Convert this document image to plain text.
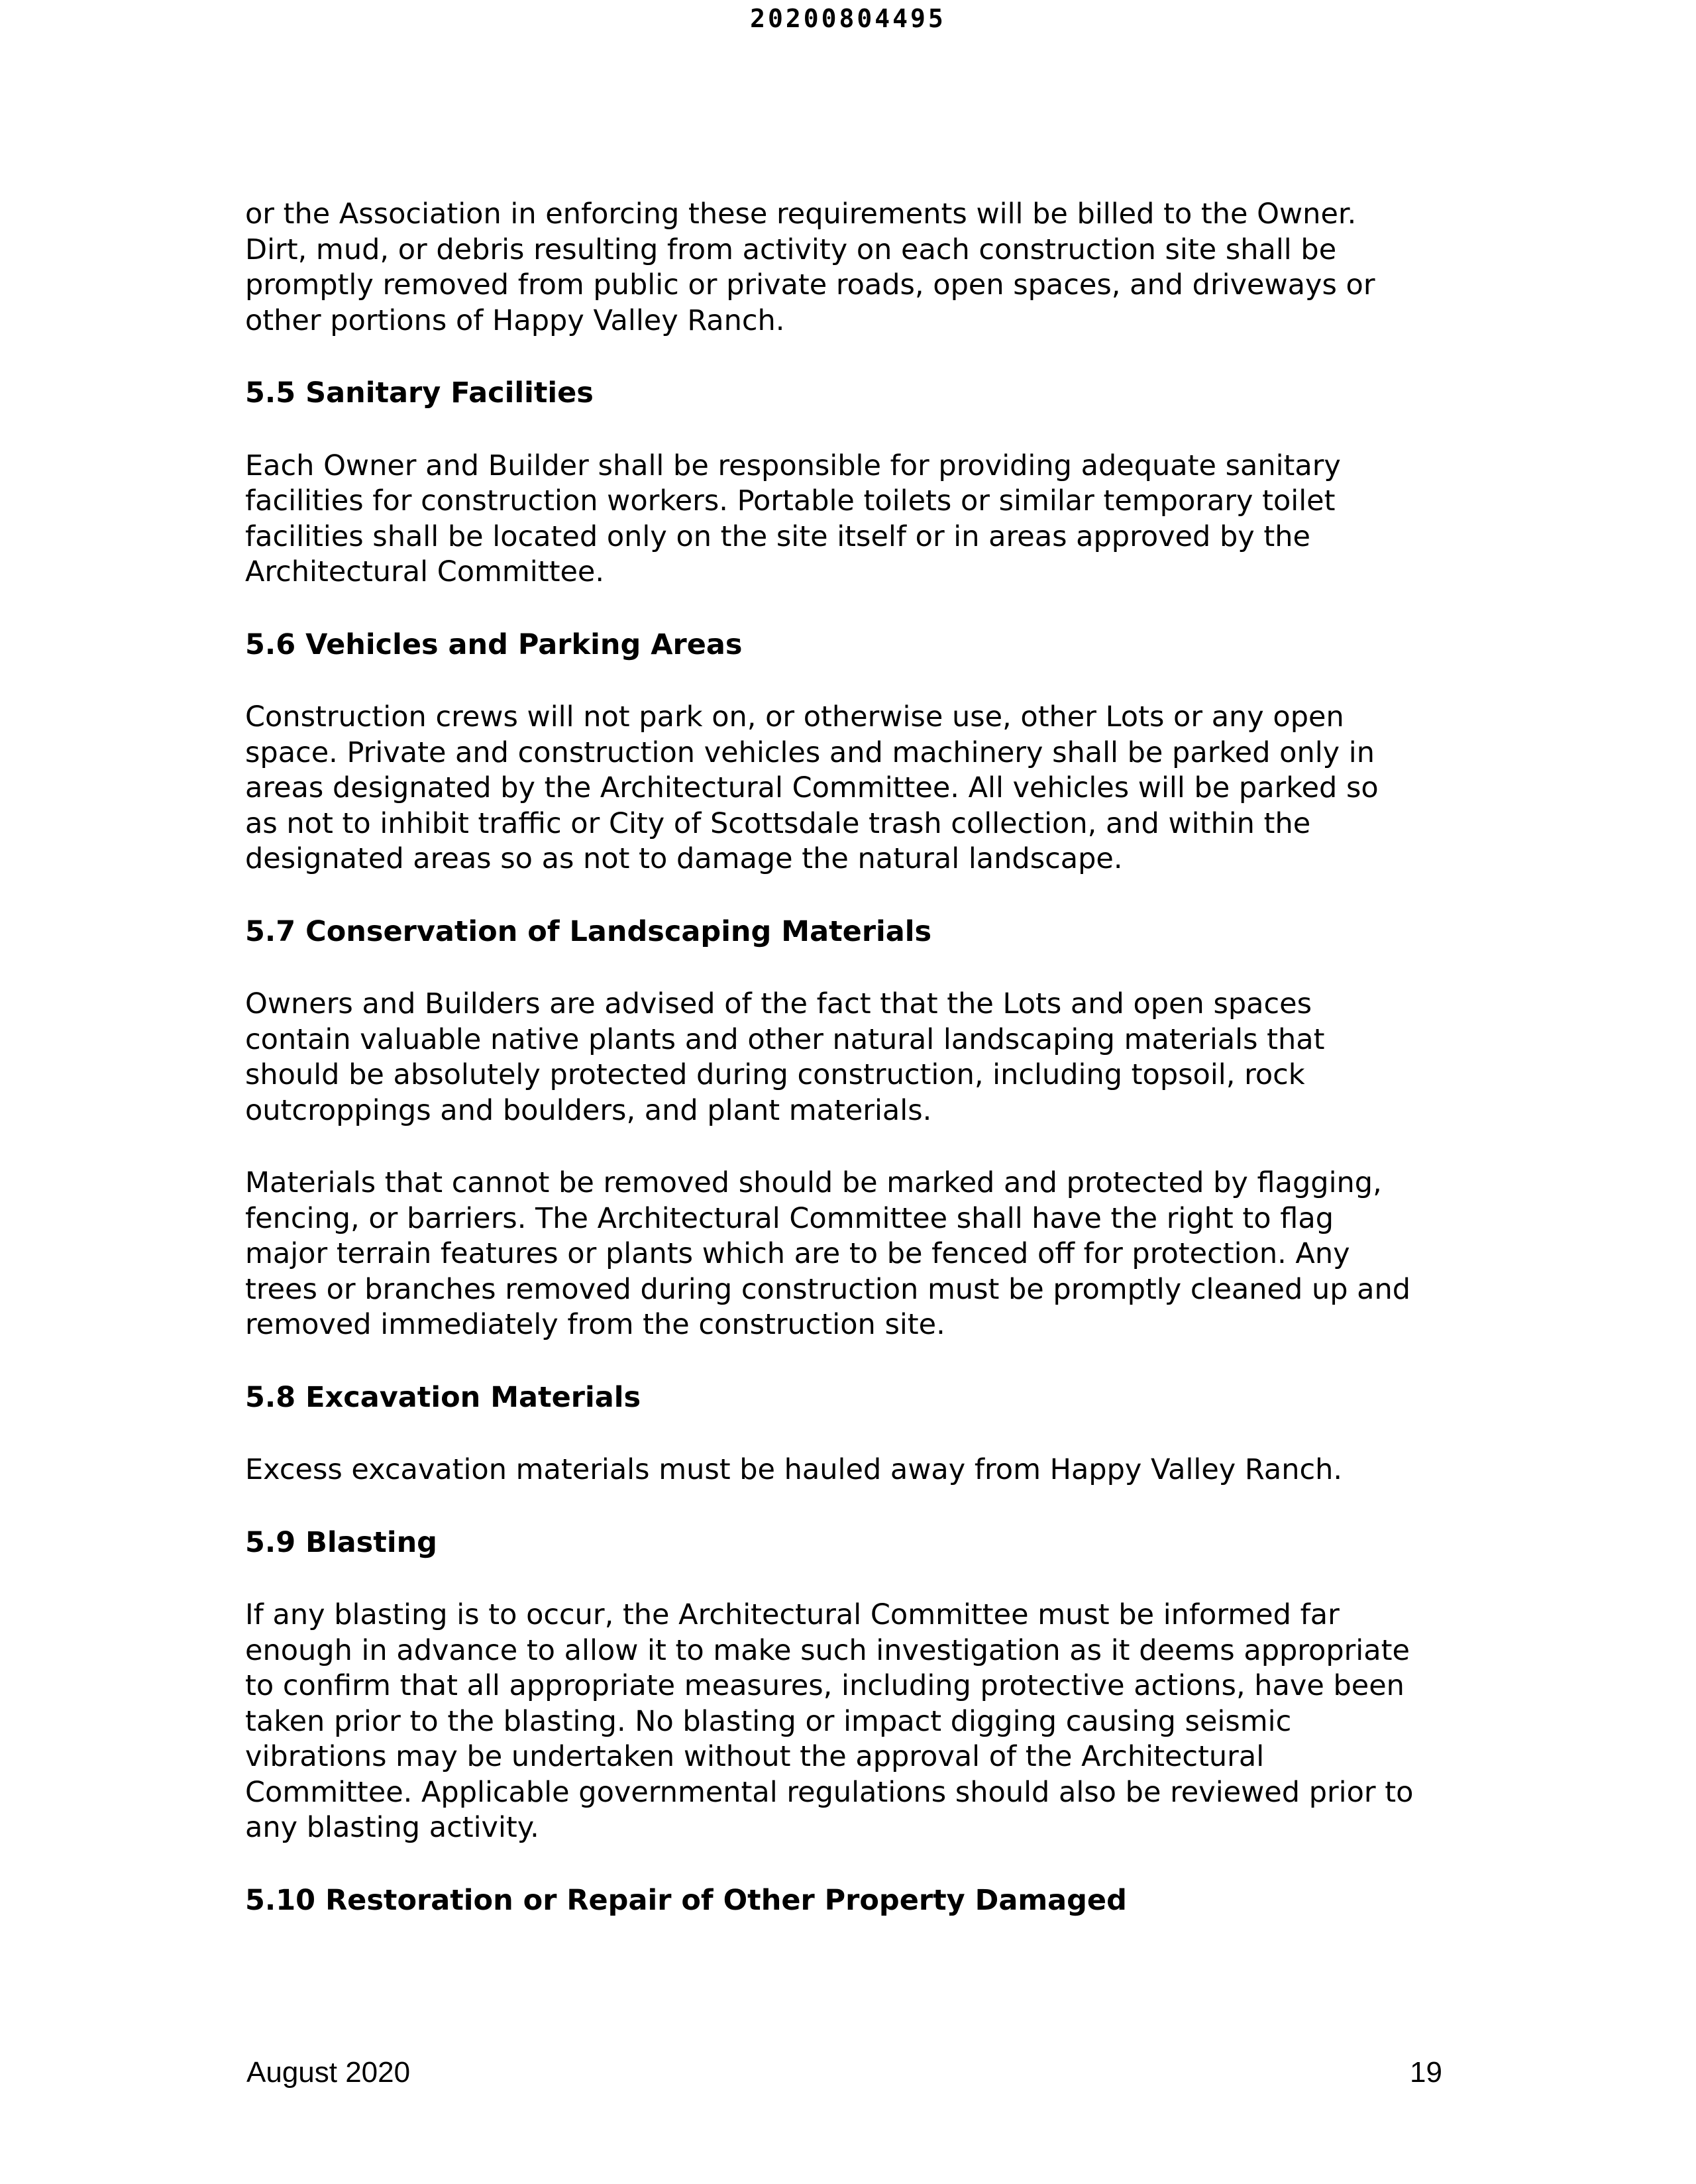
20200804495

or the Association in enforcing these requirements will be billed to the Owner.
Dirt, mud, or debris resulting from activity on each construction site shall be
promptly removed from public or private roads, open spaces, and driveways or
other portions of Happy Valley Ranch.

5.5 Sanitary Facilities

Each Owner and Builder shall be responsible for providing adequate sanitary
facilities for construction workers. Portable toilets or similar temporary toilet
facilities shall be located only on the site itself or in areas approved by the
Architectural Committee.

5.6 Vehicles and Parking Areas

Construction crews will not park on, or otherwise use, other Lots or any open
space. Private and construction vehicles and machinery shall be parked only in
areas designated by the Architectural Committee. All vehicles will be parked so
as not to inhibit traffic or City of Scottsdale trash collection, and within the
designated areas so as not to damage the natural landscape.

5.7 Conservation of Landscaping Materials

Owners and Builders are advised of the fact that the Lots and open spaces
contain valuable native plants and other natural landscaping materials that
should be absolutely protected during construction, including topsoil, rock
outcroppings and boulders, and plant materials.

Materials that cannot be removed should be marked and protected by flagging,
fencing, or barriers. The Architectural Committee shall have the right to flag
major terrain features or plants which are to be fenced off for protection. Any
trees or branches removed during construction must be promptly cleaned up and
removed immediately from the construction site.

5.8 Excavation Materials

Excess excavation materials must be hauled away from Happy Valley Ranch.

5.9 Blasting

If any blasting is to occur, the Architectural Committee must be informed far
enough in advance to allow it to make such investigation as it deems appropriate
to confirm that all appropriate measures, including protective actions, have been
taken prior to the blasting. No blasting or impact digging causing seismic
vibrations may be undertaken without the approval of the Architectural
Committee. Applicable governmental regulations should also be reviewed prior to
any blasting activity.

5.10 Restoration or Repair of Other Property Damaged
August 2020	19
